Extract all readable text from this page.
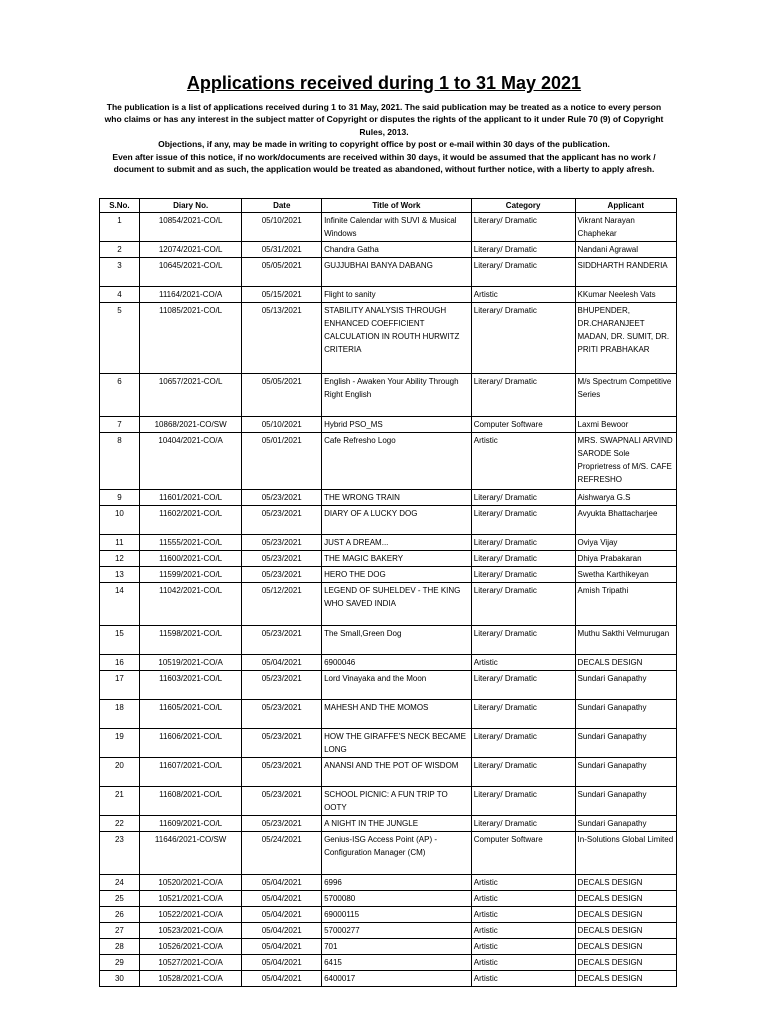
Applications received during 1 to 31 May 2021

The publication is a list of applications received during 1 to 31 May, 2021. The said publication may be treated as a notice to every person who claims or has any interest in the subject matter of Copyright or disputes the rights of the applicant to it under Rule 70 (9) of Copyright Rules, 2013.

Objections, if any, may be made in writing to copyright office by post or e-mail within 30 days of the publication.

Even after issue of this notice, if no work/documents are received within 30 days, it would be assumed that the applicant has no work / document to submit and as such, the application would be treated as abandoned, without further notice, with a liberty to apply afresh.

S.No.	Diary No.	Date	Title of Work	Category	Applicant
1	10854/2021-CO/L	05/10/2021	Infinite Calendar with SUVI & Musical Windows	Literary/ Dramatic	Vikrant Narayan Chaphekar
2	12074/2021-CO/L	05/31/2021	Chandra Gatha	Literary/ Dramatic	Nandani Agrawal
3	10645/2021-CO/L	05/05/2021	GUJJUBHAI BANYA DABANG	Literary/ Dramatic	SIDDHARTH RANDERIA
4	11164/2021-CO/A	05/15/2021	Flight to sanity	Artistic	KKumar Neelesh Vats
5	11085/2021-CO/L	05/13/2021	STABILITY ANALYSIS THROUGH ENHANCED COEFFICIENT CALCULATION IN ROUTH HURWITZ CRITERIA	Literary/ Dramatic	BHUPENDER, DR.CHARANJEET MADAN, DR. SUMIT, DR. PRITI PRABHAKAR
6	10657/2021-CO/L	05/05/2021	English - Awaken Your Ability Through Right English	Literary/ Dramatic	M/s Spectrum Competitive Series
7	10868/2021-CO/SW	05/10/2021	Hybrid PSO_MS	Computer Software	Laxmi Bewoor
8	10404/2021-CO/A	05/01/2021	Cafe Refresho Logo	Artistic	MRS. SWAPNALI ARVIND SARODE Sole Proprietress of M/S. CAFE REFRESHO
9	11601/2021-CO/L	05/23/2021	THE WRONG TRAIN	Literary/ Dramatic	Aishwarya G.S
10	11602/2021-CO/L	05/23/2021	DIARY OF A LUCKY DOG	Literary/ Dramatic	Avyukta Bhattacharjee
11	11555/2021-CO/L	05/23/2021	JUST A DREAM...	Literary/ Dramatic	Oviya Vijay
12	11600/2021-CO/L	05/23/2021	THE MAGIC BAKERY	Literary/ Dramatic	Dhiya Prabakaran
13	11599/2021-CO/L	05/23/2021	HERO THE DOG	Literary/ Dramatic	Swetha Karthikeyan
14	11042/2021-CO/L	05/12/2021	LEGEND OF SUHELDEV - THE KING WHO SAVED INDIA	Literary/ Dramatic	Amish Tripathi
15	11598/2021-CO/L	05/23/2021	The Small,Green Dog	Literary/ Dramatic	Muthu Sakthi Velmurugan
16	10519/2021-CO/A	05/04/2021	6900046	Artistic	DECALS DESIGN
17	11603/2021-CO/L	05/23/2021	Lord Vinayaka and the Moon	Literary/ Dramatic	Sundari Ganapathy
18	11605/2021-CO/L	05/23/2021	MAHESH AND THE MOMOS	Literary/ Dramatic	Sundari Ganapathy
19	11606/2021-CO/L	05/23/2021	HOW THE GIRAFFE'S NECK BECAME LONG	Literary/ Dramatic	Sundari Ganapathy
20	11607/2021-CO/L	05/23/2021	ANANSI AND THE POT OF WISDOM	Literary/ Dramatic	Sundari Ganapathy
21	11608/2021-CO/L	05/23/2021	SCHOOL PICNIC: A FUN TRIP TO OOTY	Literary/ Dramatic	Sundari Ganapathy
22	11609/2021-CO/L	05/23/2021	A NIGHT IN THE JUNGLE	Literary/ Dramatic	Sundari Ganapathy
23	11646/2021-CO/SW	05/24/2021	Genius-ISG Access Point (AP) - Configuration Manager (CM)	Computer Software	In-Solutions Global Limited
24	10520/2021-CO/A	05/04/2021	6996	Artistic	DECALS DESIGN
25	10521/2021-CO/A	05/04/2021	5700080	Artistic	DECALS DESIGN
26	10522/2021-CO/A	05/04/2021	69000115	Artistic	DECALS DESIGN
27	10523/2021-CO/A	05/04/2021	57000277	Artistic	DECALS DESIGN
28	10526/2021-CO/A	05/04/2021	701	Artistic	DECALS DESIGN
29	10527/2021-CO/A	05/04/2021	6415	Artistic	DECALS DESIGN
30	10528/2021-CO/A	05/04/2021	6400017	Artistic	DECALS DESIGN
